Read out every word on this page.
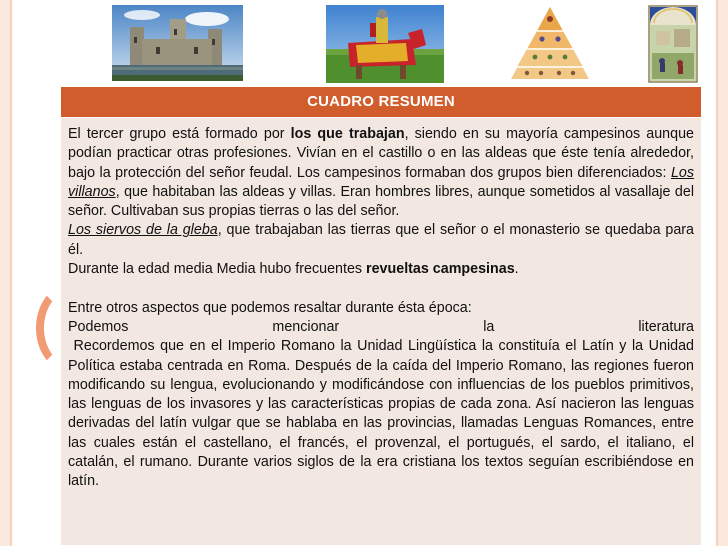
CUADRO RESUMEN

El tercer grupo está formado por los que trabajan, siendo en su mayoría campesinos aunque podían practicar otras profesiones. Vivían en el castillo o en las aldeas que éste tenía alrededor, bajo la protección del señor feudal. Los campesinos formaban dos grupos bien diferenciados: Los villanos, que habitaban las aldeas y villas. Eran hombres libres, aunque sometidos al vasallaje del señor. Cultivaban sus propias tierras o las del señor.

Los siervos de la gleba, que trabajaban las tierras que el señor o el monasterio se quedaba para él.

Durante la edad media Media hubo frecuentes revueltas campesinas.

Entre otros aspectos que podemos resaltar durante ésta época:

Podemos mencionar la literatura

Recordemos que en el Imperio Romano la Unidad Lingüística la constituía el Latín y la Unidad Política estaba centrada en Roma. Después de la caída del Imperio Romano, las regiones fueron modificando su lengua, evolucionando y modificándose con influencias de los pueblos primitivos, las lenguas de los invasores y las características propias de cada zona. Así nacieron las lenguas derivadas del latín vulgar que se hablaba en las provincias, llamadas Lenguas Romances, entre las cuales están el castellano, el francés, el provenzal, el portugués, el sardo, el italiano, el catalán, el rumano. Durante varios siglos de la era cristiana los textos seguían escribiéndose en latín.
